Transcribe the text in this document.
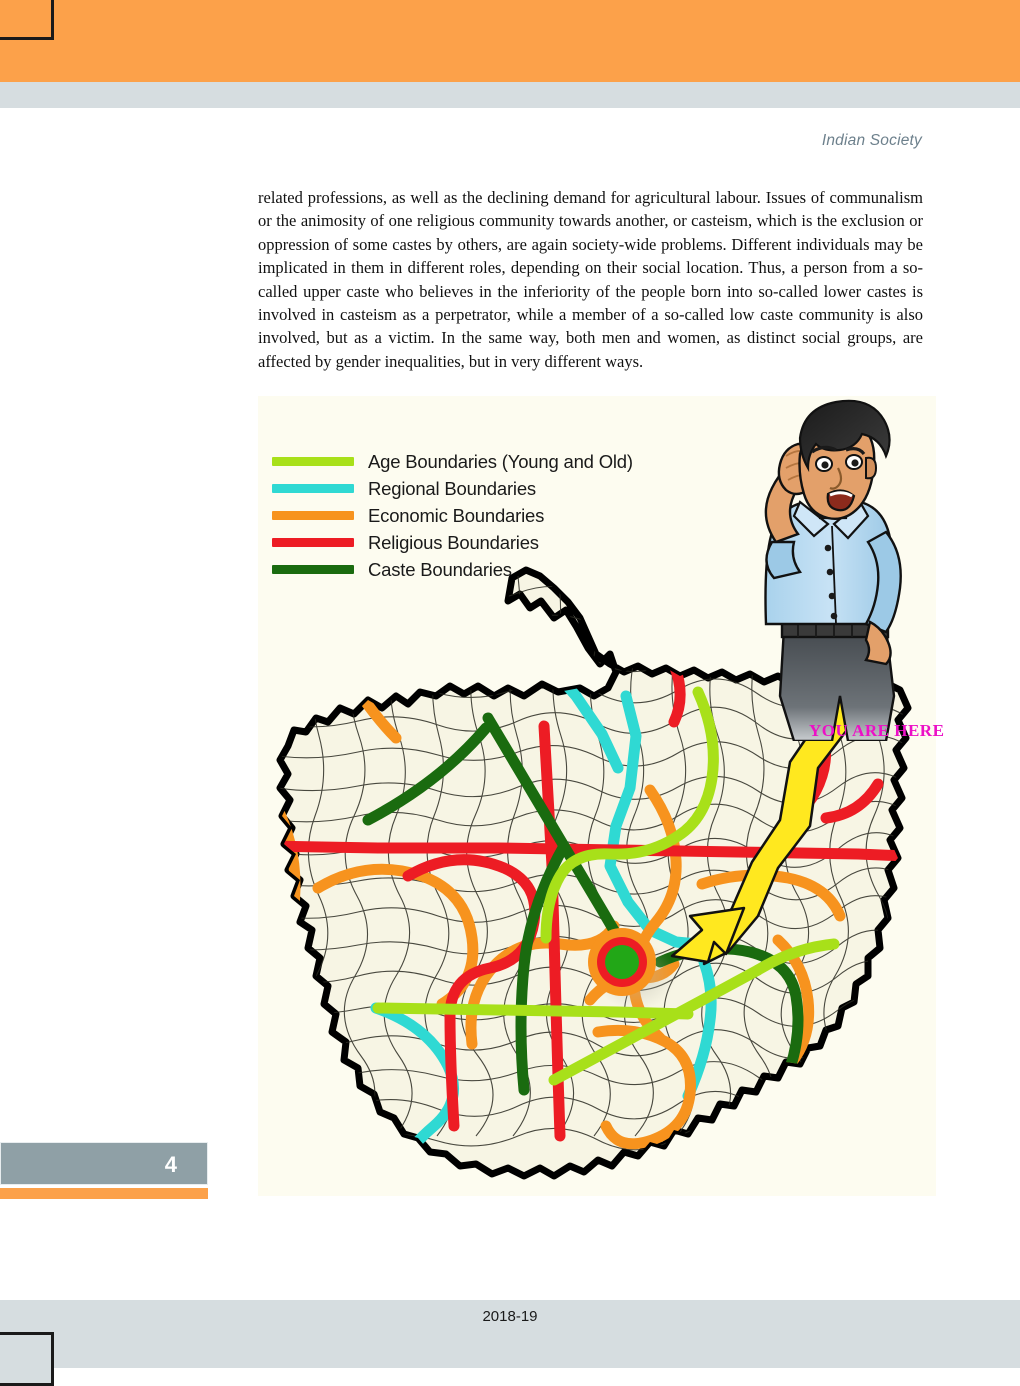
Indian Society

related professions, as well as the declining demand for agricultural labour. Issues of communalism or the animosity of one religious community towards another, or casteism, which is the exclusion or oppression of some castes by others, are again society-wide problems. Different individuals may be implicated in them in different roles, depending on their social location. Thus, a person from a so-called upper caste who believes in the inferiority of the people born into so-called lower castes is involved in casteism as a perpetrator, while a member of a so-called low caste community is also involved, but as a victim. In the same way, both men and women, as distinct social groups, are affected by gender inequalities, but in very different ways.

Age Boundaries (Young and Old)
Regional Boundaries
Economic Boundaries
Religious Boundaries
Caste Boundaries
YOU ARE HERE
4
2018-19
